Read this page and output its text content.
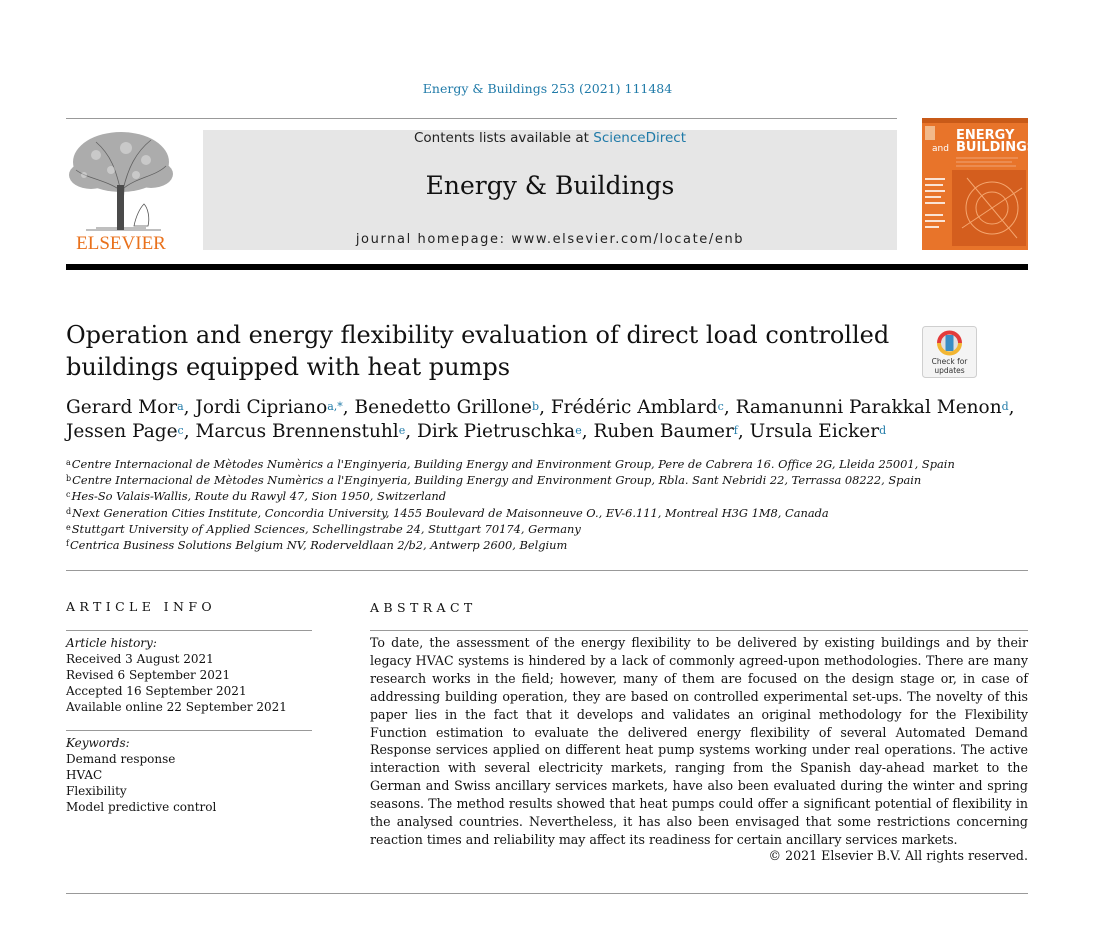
Energy & Buildings 253 (2021) 111484
ELSEVIER
Contents lists available at ScienceDirect
Energy & Buildings
journal homepage: www.elsevier.com/locate/enb
ENERGY
and BUILDINGS
Operation and energy flexibility evaluation of direct load controlled
buildings equipped with heat pumps	Check for
updates
Gerard Mor$^a$, Jordi Cipriano$^{a,*}$, Benedetto Grillone$^b$, Frédéric Amblard$^c$, Ramanunni Parakkal Menon$^d$,
Jessen Page$^c$, Marcus Brennenstuhl$^e$, Dirk Pietruschka$^e$, Ruben Baumer$^f$, Ursula Eicker$^d$
$^a$Centre Internacional de Mètodes Numèrics a l'Enginyeria, Building Energy and Environment Group, Pere de Cabrera 16. Office 2G, Lleida 25001, Spain
$^b$Centre Internacional de Mètodes Numèrics a l'Enginyeria, Building Energy and Environment Group, Rbla. Sant Nebridi 22, Terrassa 08222, Spain
$^c$Hes-So Valais-Wallis, Route du Rawyl 47, Sion 1950, Switzerland
$^d$Next Generation Cities Institute, Concordia University, 1455 Boulevard de Maisonneuve O., EV-6.111, Montreal H3G 1M8, Canada
$^e$Stuttgart University of Applied Sciences, Schellingstrabe 24, Stuttgart 70174, Germany
$^f$Centrica Business Solutions Belgium NV, Roderveldlaan 2/b2, Antwerp 2600, Belgium
ARTICLE INFO
Article history:
Received 3 August 2021
Revised 6 September 2021
Accepted 16 September 2021
Available online 22 September 2021
Keywords:
Demand response
HVAC
Flexibility
Model predictive control
ABSTRACT
To date, the assessment of the energy flexibility to be delivered by existing buildings and by their legacy HVAC systems is hindered by a lack of commonly agreed-upon methodologies. There are many research works in the field; however, many of them are focused on the design stage or, in case of addressing building operation, they are based on controlled experimental set-ups. The novelty of this paper lies in the fact that it develops and validates an original methodology for the Flexibility Function estimation to evaluate the delivered energy flexibility of several Automated Demand Response services applied on different heat pump systems working under real operations. The active interaction with several electricity markets, ranging from the Spanish day-ahead market to the German and Swiss ancillary services markets, have also been evaluated during the winter and spring seasons. The method results showed that heat pumps could offer a significant potential of flexibility in the analysed countries. Nevertheless, it has also been envisaged that some restrictions concerning reaction times and reliability may affect its readiness for certain ancillary services markets.
© 2021 Elsevier B.V. All rights reserved.
